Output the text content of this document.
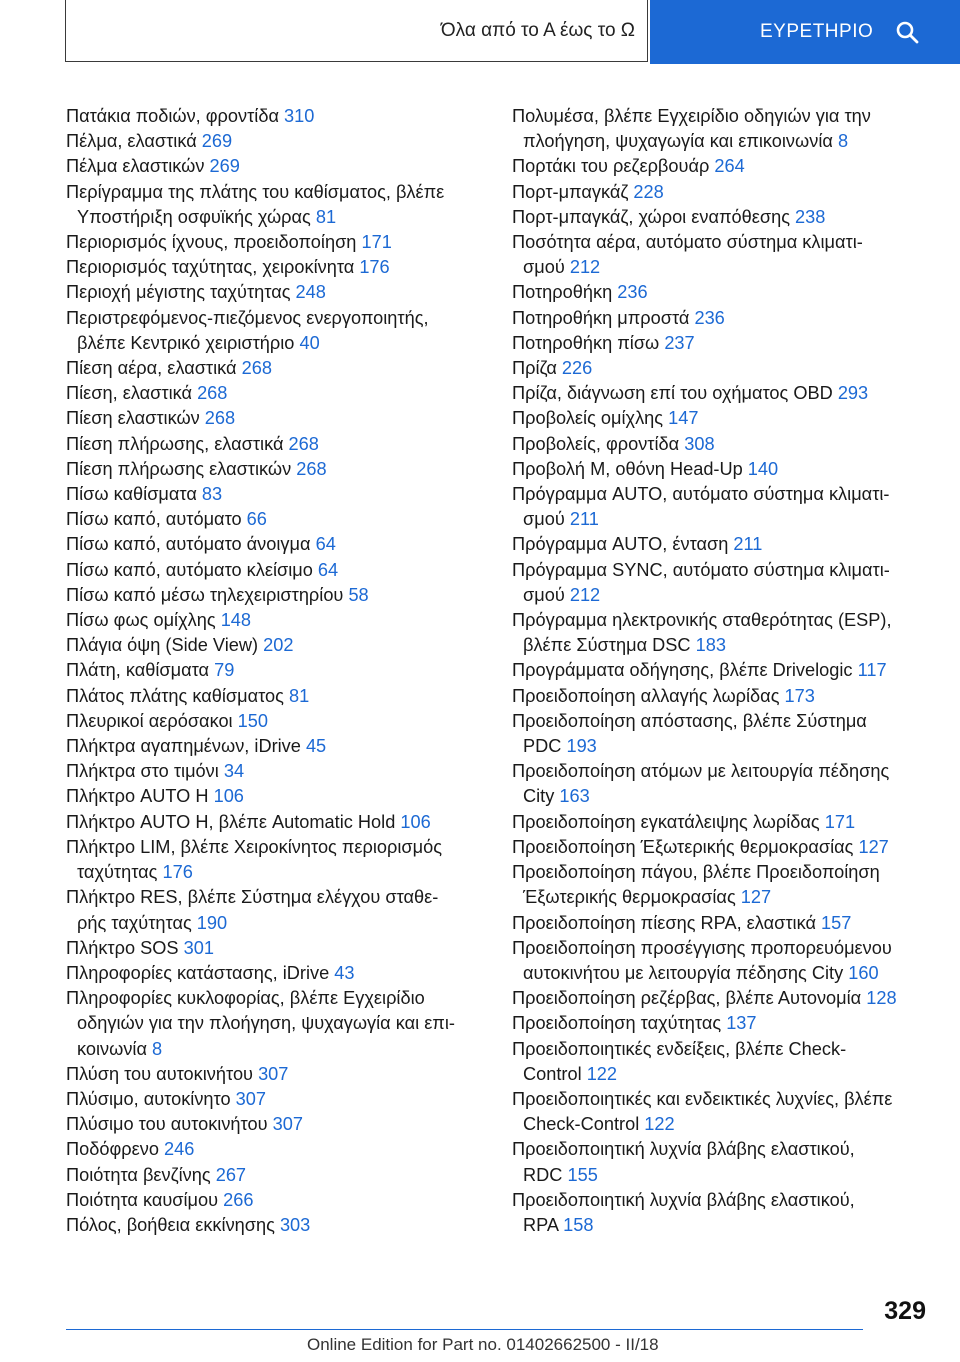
Όλα από το Α έως το Ω	ΕΥΡΕΤΗΡΙΟ
Πατάκια ποδιών, φροντίδα 310
Πέλμα, ελαστικά 269
Πέλμα ελαστικών 269
Περίγραμμα της πλάτης του καθίσματος, βλέπε
Υποστήριξη οσφυϊκής χώρας 81
Περιορισμός ίχνους, προειδοποίηση 171
Περιορισμός ταχύτητας, χειροκίνητα 176
Περιοχή μέγιστης ταχύτητας 248
Περιστρεφόμενος-πιεζόμενος ενεργοποιητής,
βλέπε Κεντρικό χειριστήριο 40
Πίεση αέρα, ελαστικά 268
Πίεση, ελαστικά 268
Πίεση ελαστικών 268
Πίεση πλήρωσης, ελαστικά 268
Πίεση πλήρωσης ελαστικών 268
Πίσω καθίσματα 83
Πίσω καπό, αυτόματο 66
Πίσω καπό, αυτόματο άνοιγμα 64
Πίσω καπό, αυτόματο κλείσιμο 64
Πίσω καπό μέσω τηλεχειριστηρίου 58
Πίσω φως ομίχλης 148
Πλάγια όψη (Side View) 202
Πλάτη, καθίσματα 79
Πλάτος πλάτης καθίσματος 81
Πλευρικοί αερόσακοι 150
Πλήκτρα αγαπημένων, iDrive 45
Πλήκτρα στο τιμόνι 34
Πλήκτρο AUTO H 106
Πλήκτρο AUTO H, βλέπε Automatic Hold 106
Πλήκτρο LIM, βλέπε Χειροκίνητος περιορισμός
ταχύτητας 176
Πλήκτρο RES, βλέπε Σύστημα ελέγχου σταθε‐
ρής ταχύτητας 190
Πλήκτρο SOS 301
Πληροφορίες κατάστασης, iDrive 43
Πληροφορίες κυκλοφορίας, βλέπε Εγχειρίδιο
οδηγιών για την πλοήγηση, ψυχαγωγία και επι‐
κοινωνία 8
Πλύση του αυτοκινήτου 307
Πλύσιμο, αυτοκίνητο 307
Πλύσιμο του αυτοκινήτου 307
Ποδόφρενο 246
Ποιότητα βενζίνης 267
Ποιότητα καυσίμου 266
Πόλος, βοήθεια εκκίνησης 303
Πολυμέσα, βλέπε Εγχειρίδιο οδηγιών για την
πλοήγηση, ψυχαγωγία και επικοινωνία 8
Πορτάκι του ρεζερβουάρ 264
Πορτ-μπαγκάζ 228
Πορτ-μπαγκάζ, χώροι εναπόθεσης 238
Ποσότητα αέρα, αυτόματο σύστημα κλιματι‐
σμού 212
Ποτηροθήκη 236
Ποτηροθήκη μπροστά 236
Ποτηροθήκη πίσω 237
Πρίζα 226
Πρίζα, διάγνωση επί του οχήματος OBD 293
Προβολείς ομίχλης 147
Προβολείς, φροντίδα 308
Προβολή M, οθόνη Head-Up 140
Πρόγραμμα AUTO, αυτόματο σύστημα κλιματι‐
σμού 211
Πρόγραμμα AUTO, ένταση 211
Πρόγραμμα SYNC, αυτόματο σύστημα κλιματι‐
σμού 212
Πρόγραμμα ηλεκτρονικής σταθερότητας (ESP),
βλέπε Σύστημα DSC 183
Προγράμματα οδήγησης, βλέπε Drivelogic 117
Προειδοποίηση αλλαγής λωρίδας 173
Προειδοποίηση απόστασης, βλέπε Σύστημα
PDC 193
Προειδοποίηση ατόμων με λειτουργία πέδησης
City 163
Προειδοποίηση εγκατάλειψης λωρίδας 171
Προειδοποίηση Έξωτερικής θερμοκρασίας 127
Προειδοποίηση πάγου, βλέπε Προειδοποίηση
Έξωτερικής θερμοκρασίας 127
Προειδοποίηση πίεσης RPA, ελαστικά 157
Προειδοποίηση προσέγγισης προπορευόμενου
αυτοκινήτου με λειτουργία πέδησης City 160
Προειδοποίηση ρεζέρβας, βλέπε Αυτονομία 128
Προειδοποίηση ταχύτητας 137
Προειδοποιητικές ενδείξεις, βλέπε Check-
Control 122
Προειδοποιητικές και ενδεικτικές λυχνίες, βλέπε
Check-Control 122
Προειδοποιητική λυχνία βλάβης ελαστικού,
RDC 155
Προειδοποιητική λυχνία βλάβης ελαστικού,
RPA 158
329
Online Edition for Part no. 01402662500 - II/18
